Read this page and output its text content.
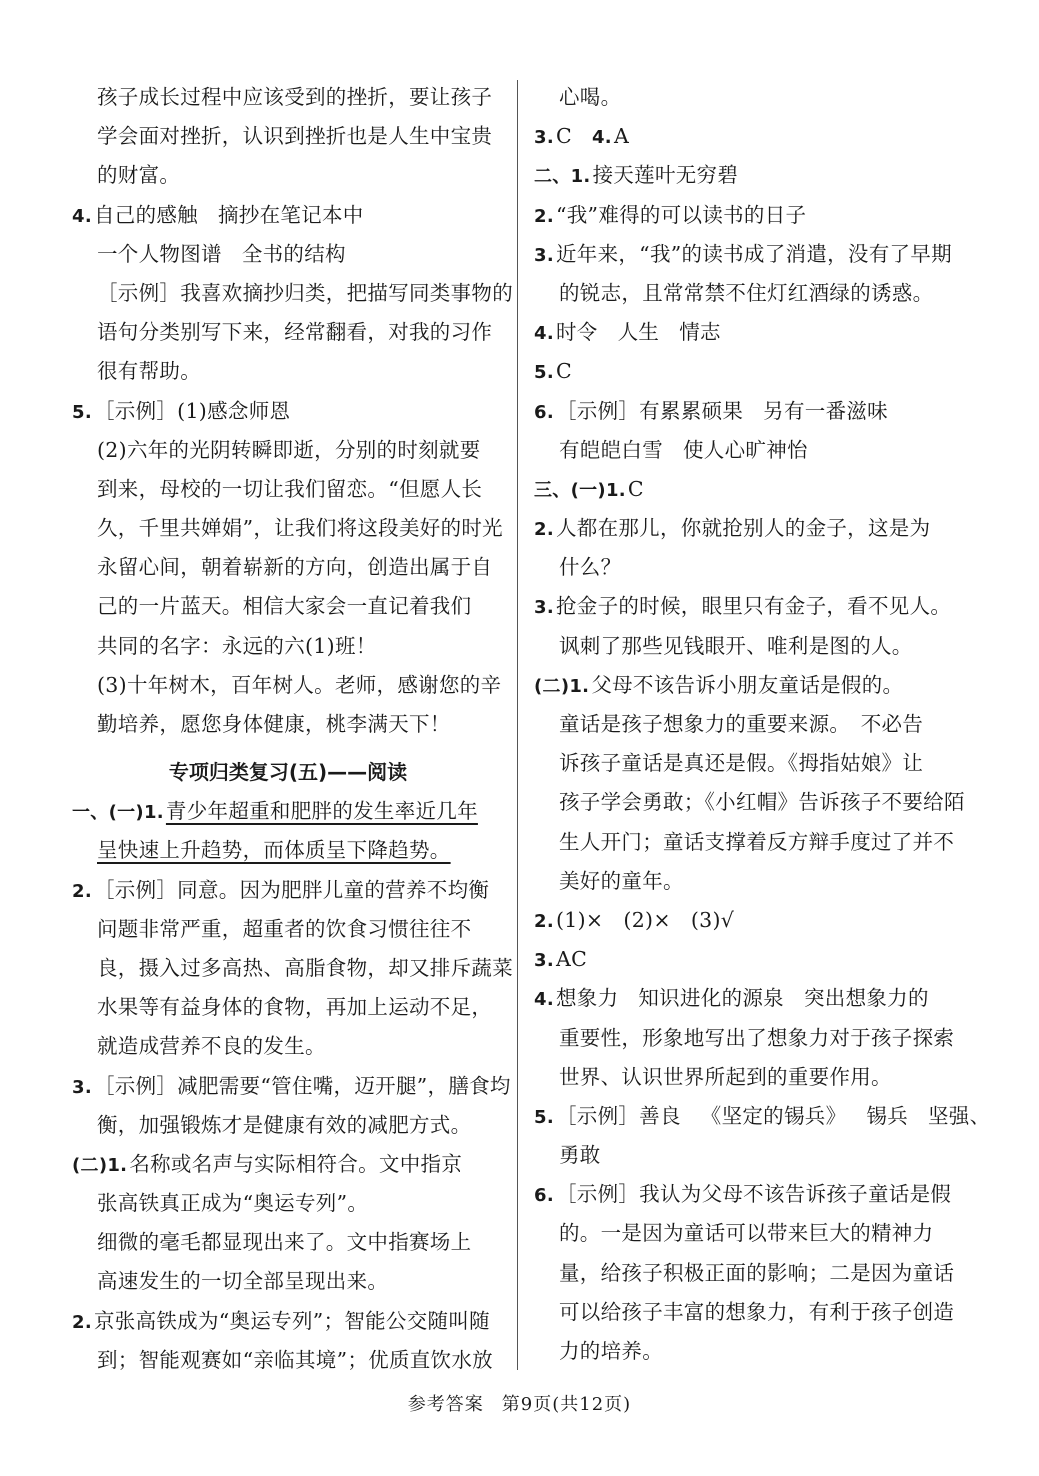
孩子成长过程中应该受到的挫折，要让孩子
学会面对挫折，认识到挫折也是人生中宝贵
的财富。
4.自己的感触 摘抄在笔记本中
一个人物图谱 全书的结构
［示例］我喜欢摘抄归类，把描写同类事物的
语句分类别写下来，经常翻看，对我的习作
很有帮助。
5.［示例］(1)感念师恩
(2)六年的光阴转瞬即逝，分别的时刻就要
到来，母校的一切让我们留恋。“但愿人长
久，千里共婵娟”，让我们将这段美好的时光
永留心间，朝着崭新的方向，创造出属于自
己的一片蓝天。相信大家会一直记着我们
共同的名字：永远的六(1)班！
(3)十年树木，百年树人。老师，感谢您的辛
勤培养，愿您身体健康，桃李满天下！
专项归类复习(五)——阅读
一、(一)1.青少年超重和肥胖的发生率近几年
呈快速上升趋势，而体质呈下降趋势。
2.［示例］同意。因为肥胖儿童的营养不均衡
问题非常严重，超重者的饮食习惯往往不
良，摄入过多高热、高脂食物，却又排斥蔬菜
水果等有益身体的食物，再加上运动不足，
就造成营养不良的发生。
3.［示例］减肥需要“管住嘴，迈开腿”，膳食均
衡，加强锻炼才是健康有效的减肥方式。
(二)1.名称或名声与实际相符合。文中指京
张高铁真正成为“奥运专列”。
细微的毫毛都显现出来了。文中指赛场上
高速发生的一切全部呈现出来。
2.京张高铁成为“奥运专列”；智能公交随叫随
到；智能观赛如“亲临其境”；优质直饮水放
心喝。
3.C 4.A
二、1.接天莲叶无穷碧
2.“我”难得的可以读书的日子
3.近年来，“我”的读书成了消遣，没有了早期
的锐志，且常常禁不住灯红酒绿的诱惑。
4.时令 人生 情志
5.C
6.［示例］有累累硕果 另有一番滋味
有皑皑白雪 使人心旷神怡
三、(一)1.C
2.人都在那儿，你就抢别人的金子，这是为
什么？
3.抢金子的时候，眼里只有金子，看不见人。
讽刺了那些见钱眼开、唯利是图的人。
(二)1.父母不该告诉小朋友童话是假的。
童话是孩子想象力的重要来源。　不必告
诉孩子童话是真还是假。《拇指姑娘》让
孩子学会勇敢；《小红帽》告诉孩子不要给陌
生人开门；童话支撑着反方辩手度过了并不
美好的童年。
2.(1)× (2)× (3)√
3.AC
4.想象力 知识进化的源泉 突出想象力的
重要性，形象地写出了想象力对于孩子探索
世界、认识世界所起到的重要作用。
5.［示例］善良 《坚定的锡兵》 锡兵 坚强、
勇敢
6.［示例］我认为父母不该告诉孩子童话是假
的。一是因为童话可以带来巨大的精神力
量，给孩子积极正面的影响；二是因为童话
可以给孩子丰富的想象力，有利于孩子创造
力的培养。
参考答案 第9页(共12页)
